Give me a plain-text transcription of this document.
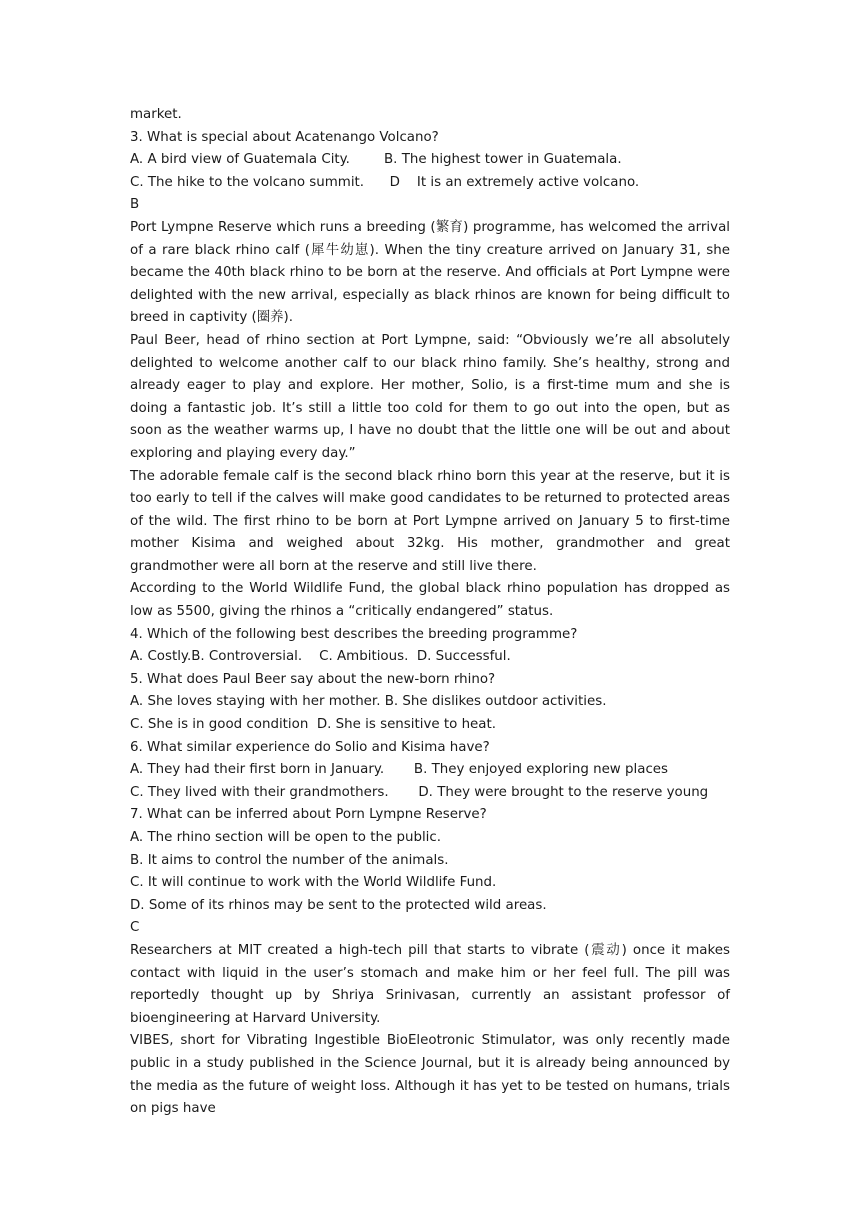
market.

3. What is special about Acatenango Volcano?

A. A bird view of Guatemala City.        B. The highest tower in Guatemala.

C. The hike to the volcano summit.      D    It is an extremely active volcano.

B

Port Lympne Reserve which runs a breeding (繁育) programme, has welcomed the arrival of a rare black rhino calf (犀牛幼崽). When the tiny creature arrived on January 31, she became the 40th black rhino to be born at the reserve. And officials at Port Lympne were delighted with the new arrival, especially as black rhinos are known for being difficult to breed in captivity (圈养).

Paul Beer, head of rhino section at Port Lympne, said: “Obviously we’re all absolutely delighted to welcome another calf to our black rhino family. She’s healthy, strong and already eager to play and explore. Her mother, Solio, is a first-time mum and she is doing a fantastic job. It’s still a little too cold for them to go out into the open, but as soon as the weather warms up, I have no doubt that the little one will be out and about exploring and playing every day.”

The adorable female calf is the second black rhino born this year at the reserve, but it is too early to tell if the calves will make good candidates to be returned to protected areas of the wild. The first rhino to be born at Port Lympne arrived on January 5 to first-time mother Kisima and weighed about 32kg. His mother, grandmother and great grandmother were all born at the reserve and still live there.

According to the World Wildlife Fund, the global black rhino population has dropped as low as 5500, giving the rhinos a “critically endangered” status.

4. Which of the following best describes the breeding programme?

A. Costly.B. Controversial.    C. Ambitious.  D. Successful.

5. What does Paul Beer say about the new-born rhino?

A. She loves staying with her mother. B. She dislikes outdoor activities.

C. She is in good condition  D. She is sensitive to heat.

6. What similar experience do Solio and Kisima have?

A. They had their first born in January.       B. They enjoyed exploring new places

C. They lived with their grandmothers.       D. They were brought to the reserve young

7. What can be inferred about Porn Lympne Reserve?

A. The rhino section will be open to the public.

B. It aims to control the number of the animals.

C. It will continue to work with the World Wildlife Fund.

D. Some of its rhinos may be sent to the protected wild areas.

C

Researchers at MIT created a high-tech pill that starts to vibrate (震动) once it makes contact with liquid in the user’s stomach and make him or her feel full. The pill was reportedly thought up by Shriya Srinivasan, currently an assistant professor of bioengineering at Harvard University.

VIBES, short for Vibrating Ingestible BioEleotronic Stimulator, was only recently made public in a study published in the Science Journal, but it is already being announced by the media as the future of weight loss. Although it has yet to be tested on humans, trials on pigs have
